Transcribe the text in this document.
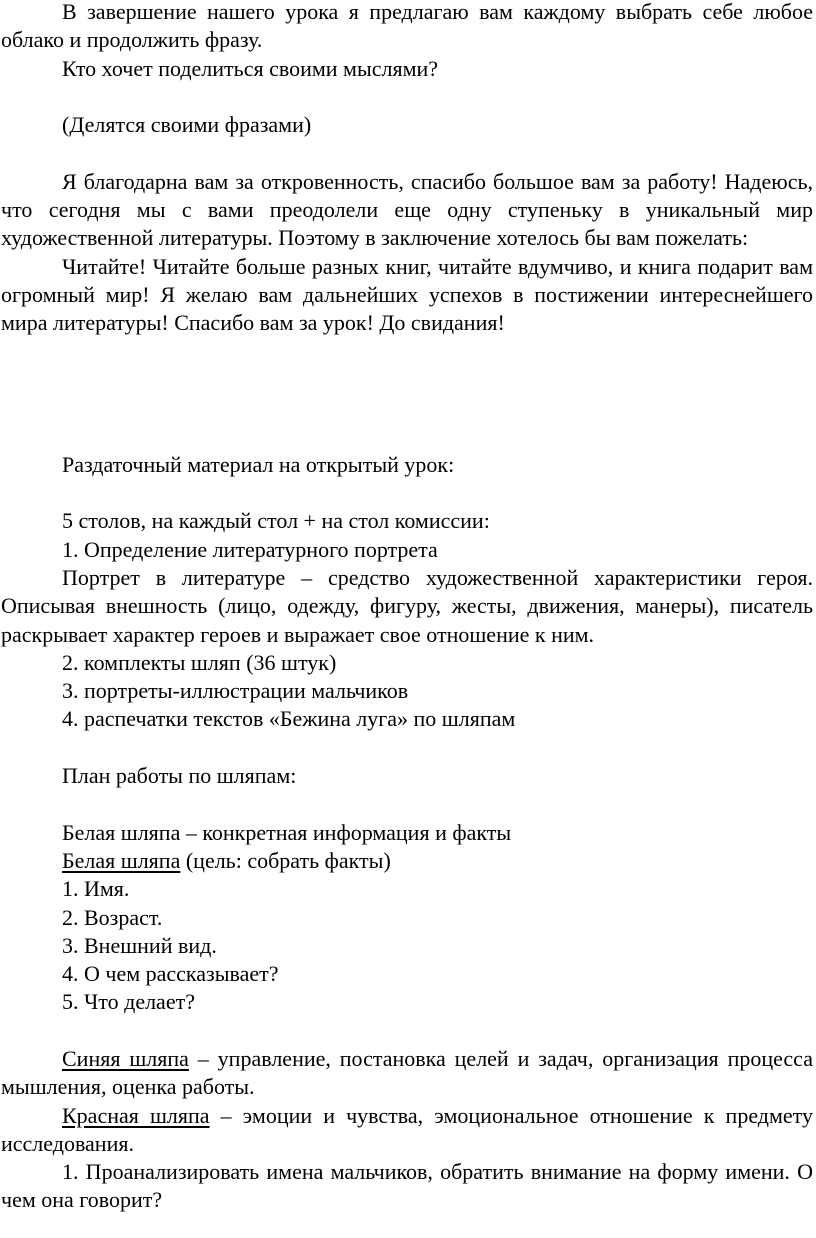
В завершение нашего урока я предлагаю вам каждому выбрать себе любое облако и продолжить фразу.

Кто хочет поделиться своими мыслями?

(Делятся своими фразами)

Я благодарна вам за откровенность, спасибо большое вам за работу! Надеюсь, что сегодня мы с вами преодолели еще одну ступеньку в уникальный мир художественной литературы. Поэтому в заключение хотелось бы вам пожелать:

Читайте! Читайте больше разных книг, читайте вдумчиво, и книга подарит вам огромный мир! Я желаю вам дальнейших успехов в постижении интереснейшего мира литературы! Спасибо вам за урок! До свидания!

Раздаточный материал на открытый урок:

5 столов, на каждый стол + на стол комиссии:

1. Определение литературного портрета

Портрет в литературе – средство художественной характеристики героя. Описывая внешность (лицо, одежду, фигуру, жесты, движения, манеры), писатель раскрывает характер героев и выражает свое отношение к ним.

2. комплекты шляп (36 штук)

3. портреты-иллюстрации мальчиков

4. распечатки текстов «Бежина луга» по шляпам

План работы по шляпам:

Белая шляпа – конкретная информация и факты

Белая шляпа (цель: собрать факты)

1. Имя.

2. Возраст.

3. Внешний вид.

4. О чем рассказывает?

5. Что делает?

Синяя шляпа – управление, постановка целей и задач, организация процесса мышления, оценка работы.

Красная шляпа – эмоции и чувства, эмоциональное отношение к предмету исследования.

1. Проанализировать имена мальчиков, обратить внимание на форму имени. О чем она говорит?
